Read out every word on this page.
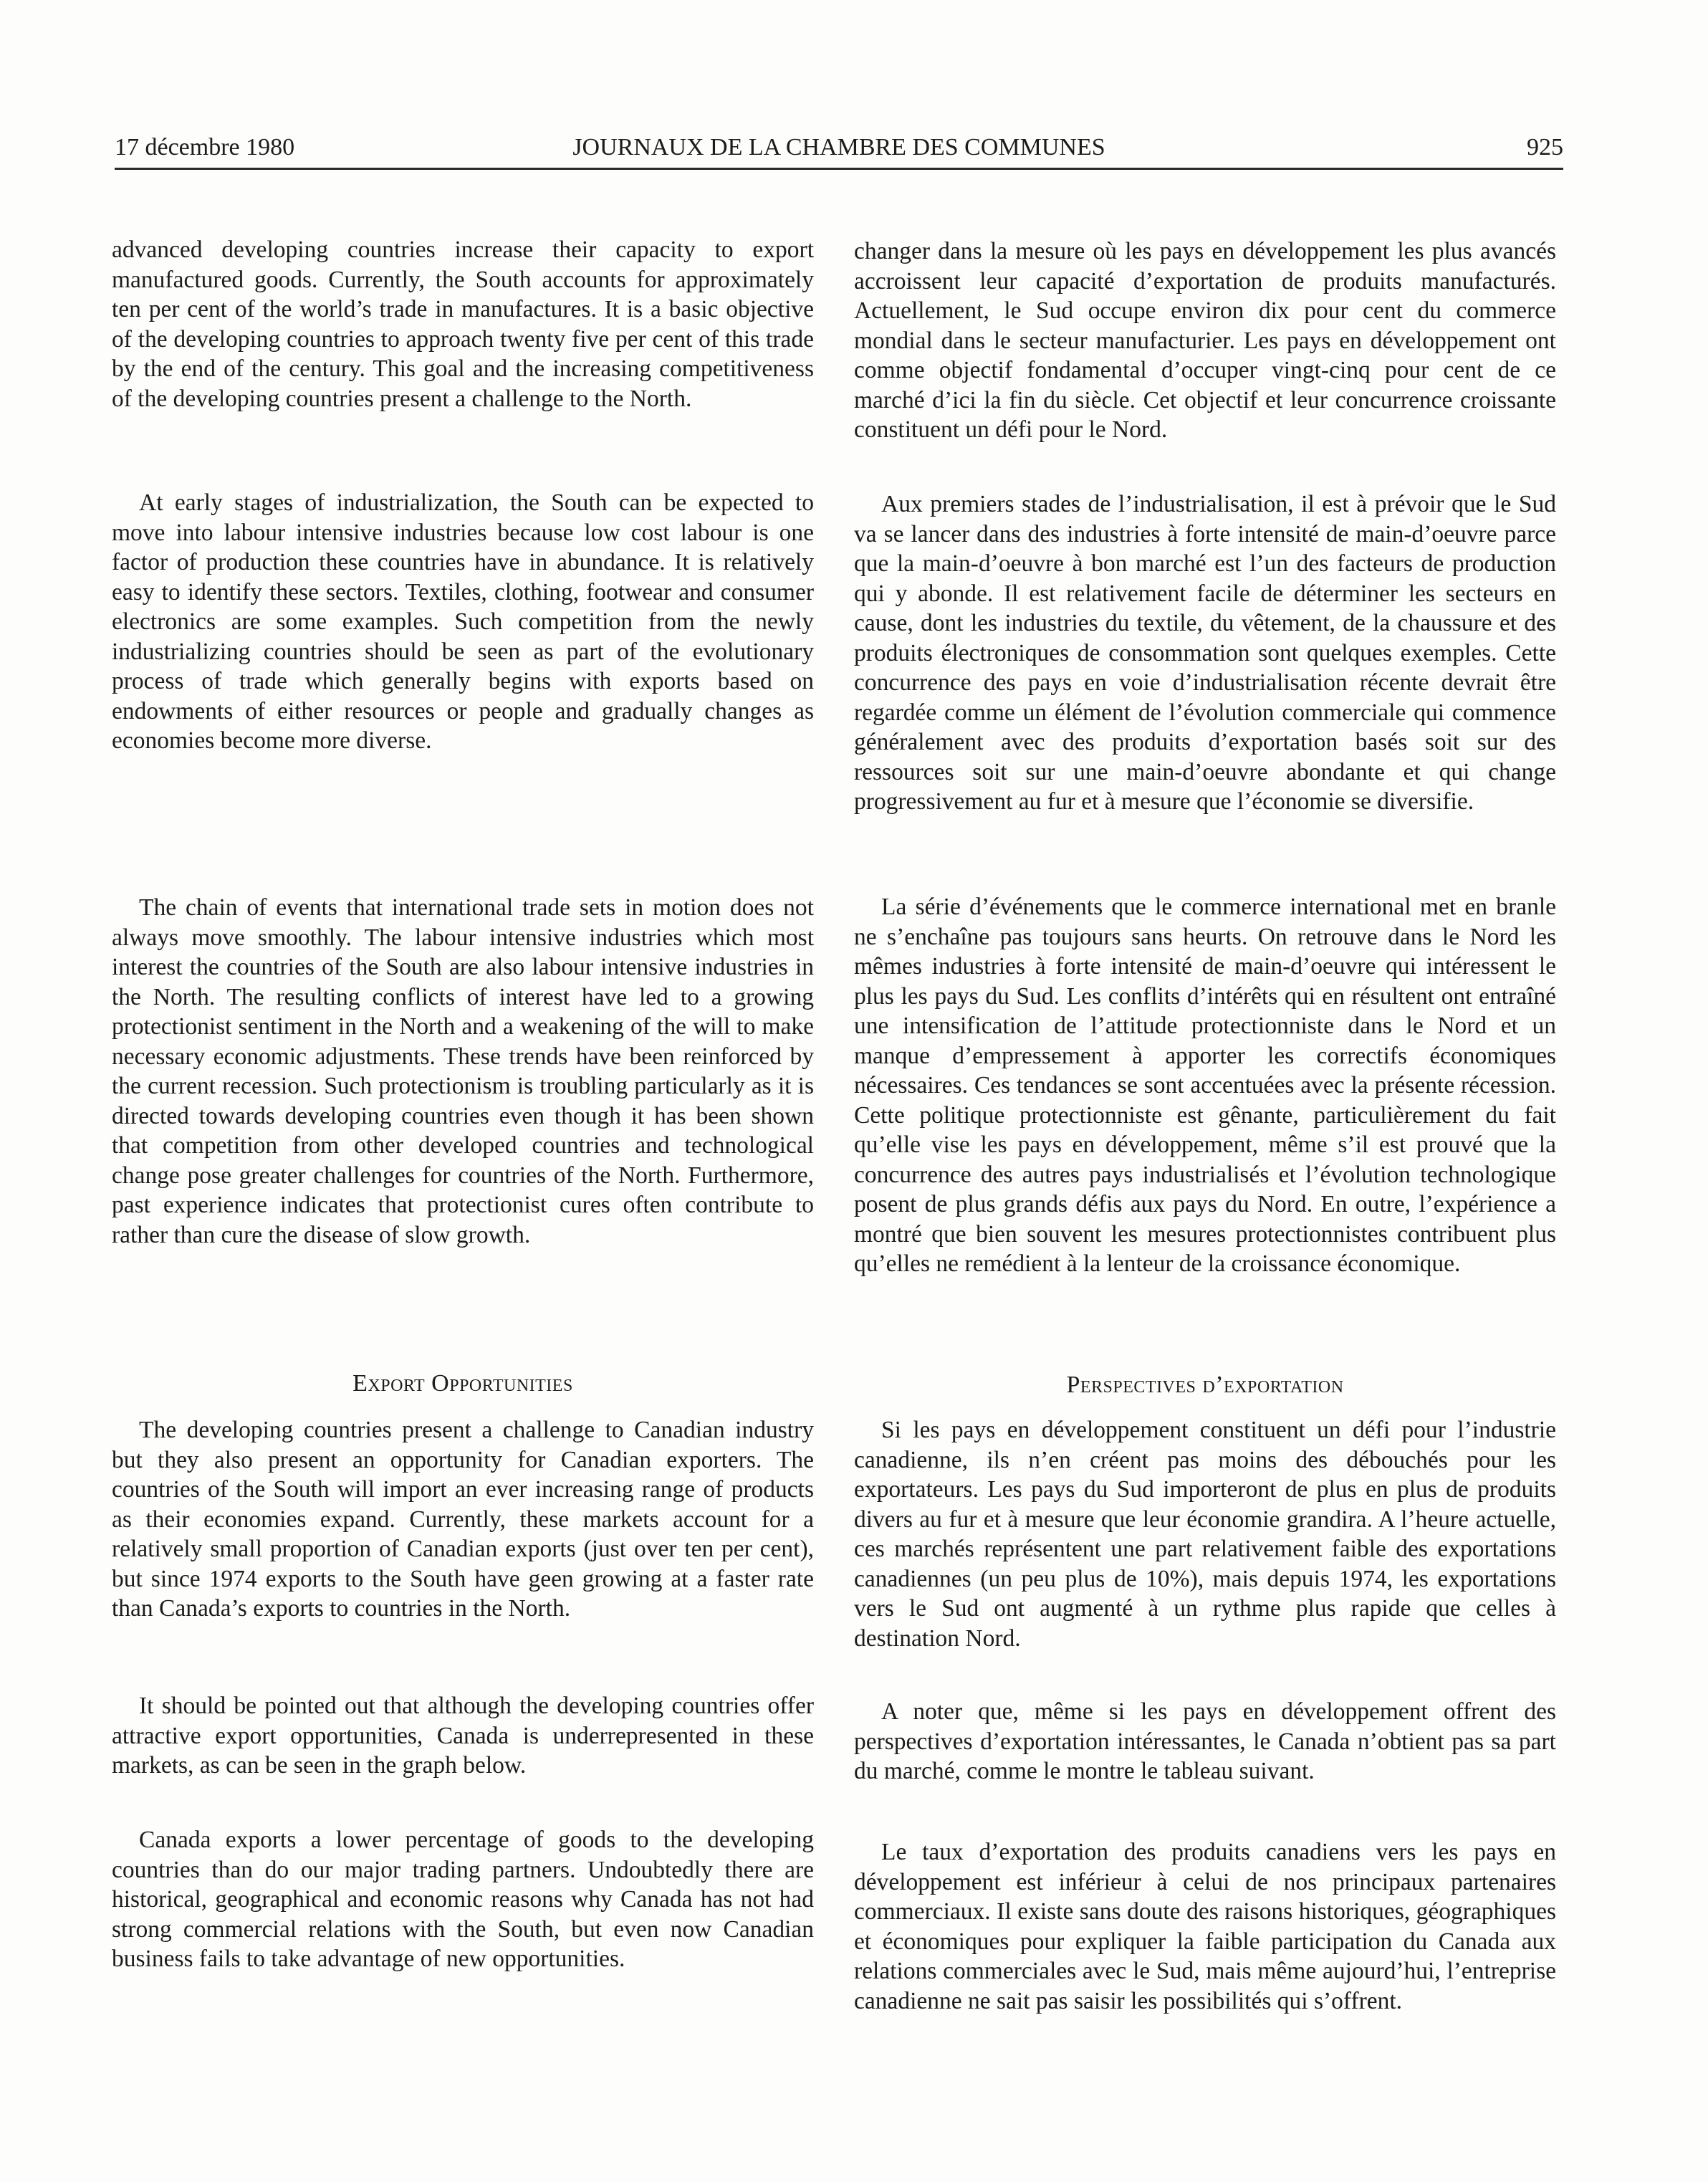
17 décembre 1980	JOURNAUX DE LA CHAMBRE DES COMMUNES	925

advanced developing countries increase their capacity to export manufactured goods. Currently, the South accounts for approximately ten per cent of the world’s trade in manufactures. It is a basic objective of the developing countries to approach twenty five per cent of this trade by the end of the century. This goal and the increasing competitiveness of the developing countries present a challenge to the North.

At early stages of industrialization, the South can be expected to move into labour intensive industries because low cost labour is one factor of production these countries have in abundance. It is relatively easy to identify these sectors. Textiles, clothing, footwear and consumer electronics are some examples. Such competition from the newly industrializing countries should be seen as part of the evolutionary process of trade which generally begins with exports based on endowments of either resources or people and gradually changes as economies become more diverse.

The chain of events that international trade sets in motion does not always move smoothly. The labour intensive industries which most interest the countries of the South are also labour intensive industries in the North. The resulting conflicts of interest have led to a growing protectionist sentiment in the North and a weakening of the will to make necessary economic adjustments. These trends have been reinforced by the current recession. Such protectionism is troubling particularly as it is directed towards developing countries even though it has been shown that competition from other developed countries and technological change pose greater challenges for countries of the North. Furthermore, past experience indicates that protectionist cures often contribute to rather than cure the disease of slow growth.

Export Opportunities

The developing countries present a challenge to Canadian industry but they also present an opportunity for Canadian exporters. The countries of the South will import an ever increasing range of products as their economies expand. Currently, these markets account for a relatively small proportion of Canadian exports (just over ten per cent), but since 1974 exports to the South have geen growing at a faster rate than Canada’s exports to countries in the North.

It should be pointed out that although the developing countries offer attractive export opportunities, Canada is underrepresented in these markets, as can be seen in the graph below.

Canada exports a lower percentage of goods to the developing countries than do our major trading partners. Undoubtedly there are historical, geographical and economic reasons why Canada has not had strong commercial relations with the South, but even now Canadian business fails to take advantage of new opportunities.

changer dans la mesure où les pays en développement les plus avancés accroissent leur capacité d’exportation de produits manufacturés. Actuellement, le Sud occupe environ dix pour cent du commerce mondial dans le secteur manufacturier. Les pays en développement ont comme objectif fondamental d’occuper vingt-cinq pour cent de ce marché d’ici la fin du siècle. Cet objectif et leur concurrence croissante constituent un défi pour le Nord.

Aux premiers stades de l’industrialisation, il est à prévoir que le Sud va se lancer dans des industries à forte intensité de main-d’oeuvre parce que la main-d’oeuvre à bon marché est l’un des facteurs de production qui y abonde. Il est relativement facile de déterminer les secteurs en cause, dont les industries du textile, du vêtement, de la chaussure et des produits électroniques de consommation sont quelques exemples. Cette concurrence des pays en voie d’industrialisation récente devrait être regardée comme un élément de l’évolution commerciale qui commence généralement avec des produits d’exportation basés soit sur des ressources soit sur une main-d’oeuvre abondante et qui change progressivement au fur et à mesure que l’économie se diversifie.

La série d’événements que le commerce international met en branle ne s’enchaîne pas toujours sans heurts. On retrouve dans le Nord les mêmes industries à forte intensité de main-d’oeuvre qui intéressent le plus les pays du Sud. Les conflits d’intérêts qui en résultent ont entraîné une intensification de l’attitude protectionniste dans le Nord et un manque d’empressement à apporter les correctifs économiques nécessaires. Ces tendances se sont accentuées avec la présente récession. Cette politique protectionniste est gênante, particulièrement du fait qu’elle vise les pays en développement, même s’il est prouvé que la concurrence des autres pays industrialisés et l’évolution technologique posent de plus grands défis aux pays du Nord. En outre, l’expérience a montré que bien souvent les mesures protectionnistes contribuent plus qu’elles ne remédient à la lenteur de la croissance économique.

Perspectives d’exportation

Si les pays en développement constituent un défi pour l’industrie canadienne, ils n’en créent pas moins des débouchés pour les exportateurs. Les pays du Sud importeront de plus en plus de produits divers au fur et à mesure que leur économie grandira. A l’heure actuelle, ces marchés représentent une part relativement faible des exportations canadiennes (un peu plus de 10%), mais depuis 1974, les exportations vers le Sud ont augmenté à un rythme plus rapide que celles à destination Nord.

A noter que, même si les pays en développement offrent des perspectives d’exportation intéressantes, le Canada n’obtient pas sa part du marché, comme le montre le tableau suivant.

Le taux d’exportation des produits canadiens vers les pays en développement est inférieur à celui de nos principaux partenaires commerciaux. Il existe sans doute des raisons historiques, géographiques et économiques pour expliquer la faible participation du Canada aux relations commerciales avec le Sud, mais même aujourd’hui, l’entreprise canadienne ne sait pas saisir les possibilités qui s’offrent.
